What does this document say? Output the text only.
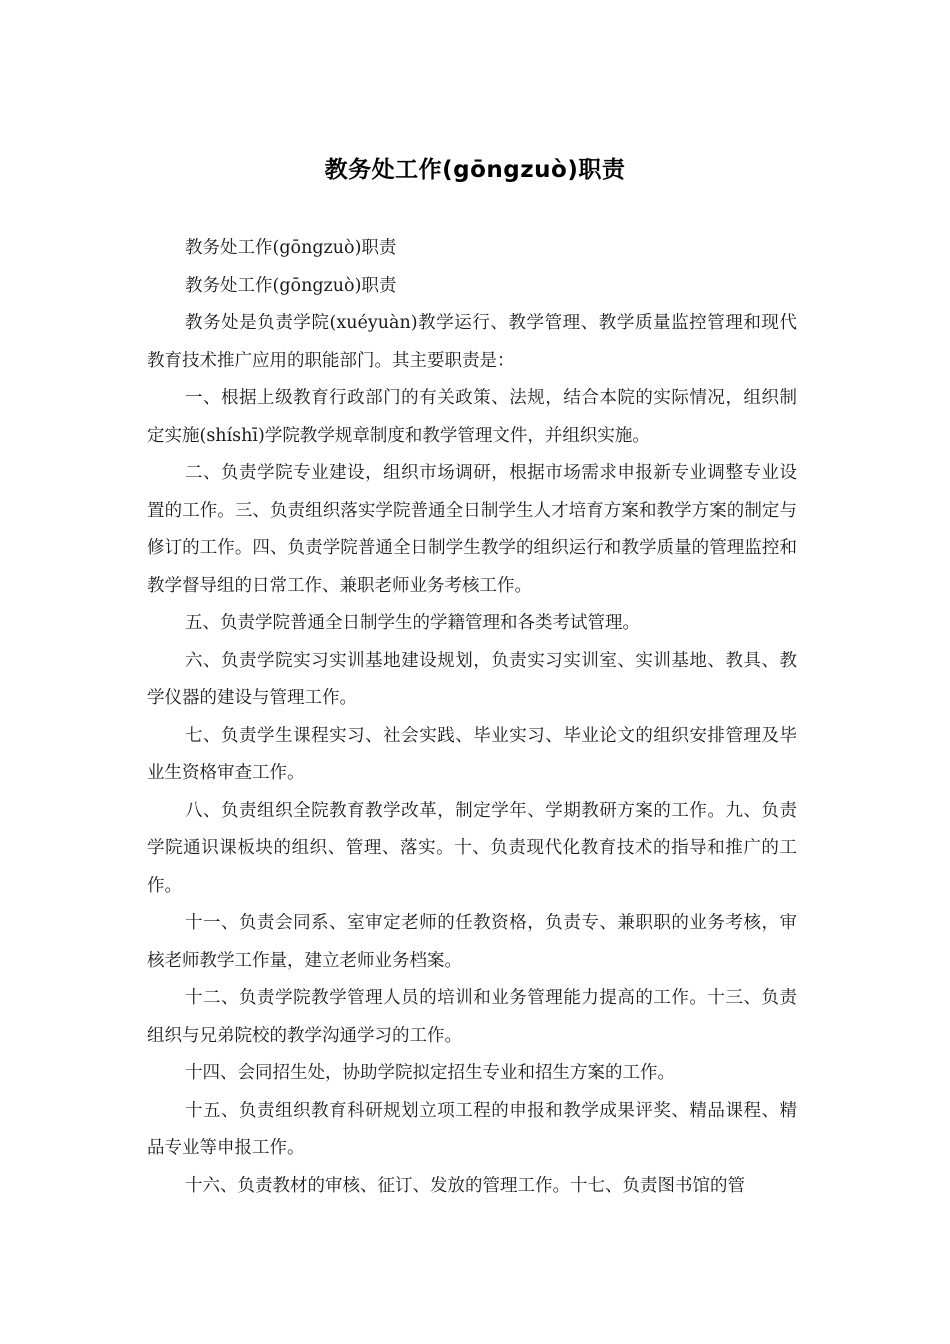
教务处工作(gōngzuò)职责

教务处工作(gōngzuò)职责

教务处工作(gōngzuò)职责

教务处是负责学院(xuéyuàn)教学运行、教学管理、教学质量监控管理和现代教育技术推广应用的职能部门。其主要职责是：

一、根据上级教育行政部门的有关政策、法规，结合本院的实际情况，组织制定实施(shíshī)学院教学规章制度和教学管理文件，并组织实施。

二、负责学院专业建设，组织市场调研，根据市场需求申报新专业调整专业设置的工作。三、负责组织落实学院普通全日制学生人才培育方案和教学方案的制定与修订的工作。四、负责学院普通全日制学生教学的组织运行和教学质量的管理监控和教学督导组的日常工作、兼职老师业务考核工作。

五、负责学院普通全日制学生的学籍管理和各类考试管理。

六、负责学院实习实训基地建设规划，负责实习实训室、实训基地、教具、教学仪器的建设与管理工作。

七、负责学生课程实习、社会实践、毕业实习、毕业论文的组织安排管理及毕业生资格审查工作。

八、负责组织全院教育教学改革，制定学年、学期教研方案的工作。九、负责学院通识课板块的组织、管理、落实。十、负责现代化教育技术的指导和推广的工作。

十一、负责会同系、室审定老师的任教资格，负责专、兼职职的业务考核，审核老师教学工作量，建立老师业务档案。

十二、负责学院教学管理人员的培训和业务管理能力提高的工作。十三、负责组织与兄弟院校的教学沟通学习的工作。

十四、会同招生处，协助学院拟定招生专业和招生方案的工作。

十五、负责组织教育科研规划立项工程的申报和教学成果评奖、精品课程、精品专业等申报工作。

十六、负责教材的审核、征订、发放的管理工作。十七、负责图书馆的管
